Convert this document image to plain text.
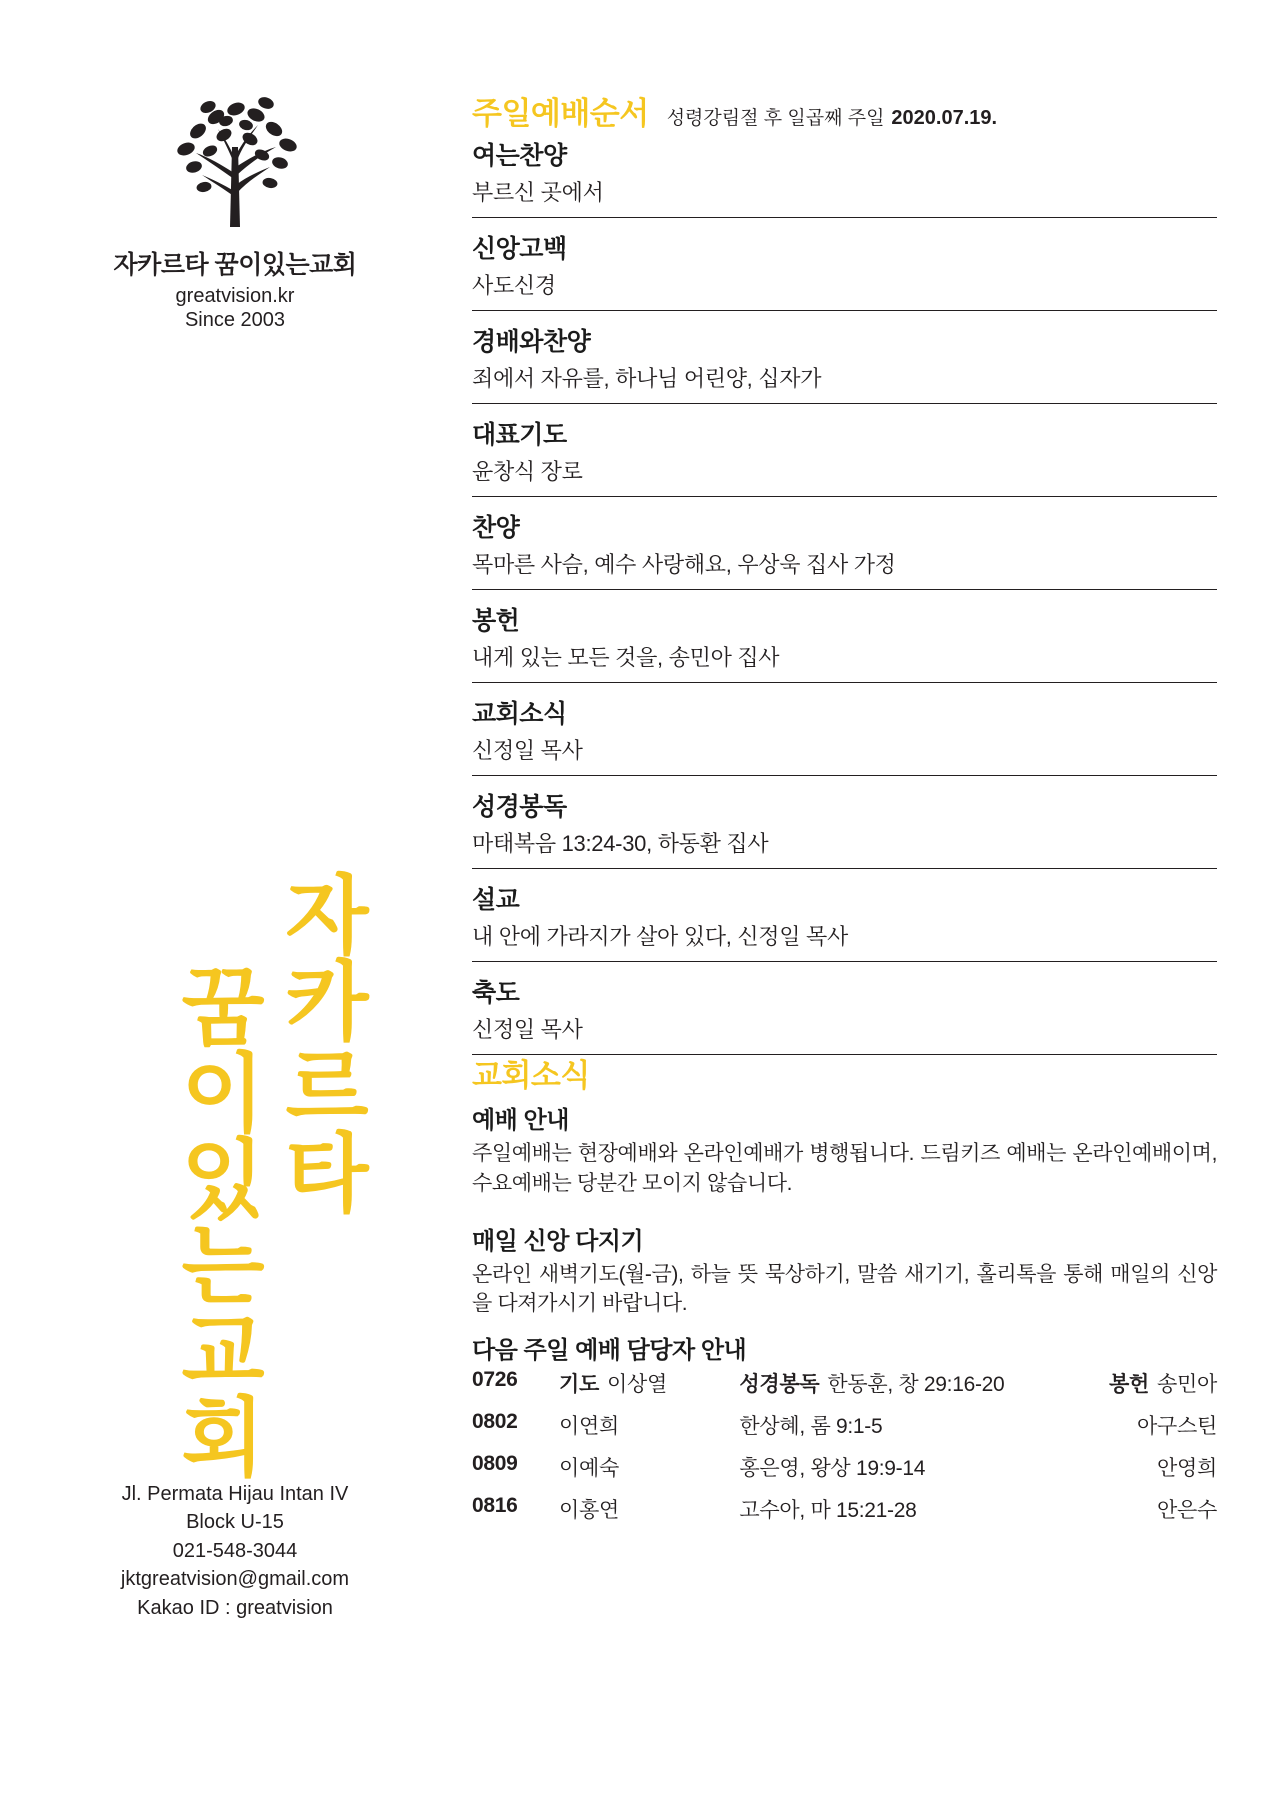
자카르타 꿈이있는교회
greatvision.kr
Since 2003
자카르타
꿈이있는교회
Jl. Permata Hijau Intan IV
Block U-15
021-548-3044
jktgreatvision@gmail.com
Kakao ID : greatvision
주일예배순서 성령강림절 후 일곱째 주일 2020.07.19.
여는찬양
부르신 곳에서
신앙고백
사도신경
경배와찬양
죄에서 자유를, 하나님 어린양, 십자가
대표기도
윤창식 장로
찬양
목마른 사슴, 예수 사랑해요, 우상욱 집사 가정
봉헌
내게 있는 모든 것을, 송민아 집사
교회소식
신정일 목사
성경봉독
마태복음 13:24-30, 하동환 집사
설교
내 안에 가라지가 살아 있다, 신정일 목사
축도
신정일 목사
교회소식
예배 안내
주일예배는 현장예배와 온라인예배가 병행됩니다. 드림키즈 예배는 온라인예배이며, 수요예배는 당분간 모이지 않습니다.
매일 신앙 다지기
온라인 새벽기도(월-금), 하늘 뜻 묵상하기, 말씀 새기기, 홀리톡을 통해 매일의 신앙을 다져가시기 바랍니다.
다음 주일 예배 담당자 안내
0726	기도 이상열	성경봉독 한동훈, 창 29:16-20	봉헌 송민아
0802	이연희	한상혜, 롬 9:1-5	아구스틴
0809	이예숙	홍은영, 왕상 19:9-14	안영희
0816	이홍연	고수아, 마 15:21-28	안은수
